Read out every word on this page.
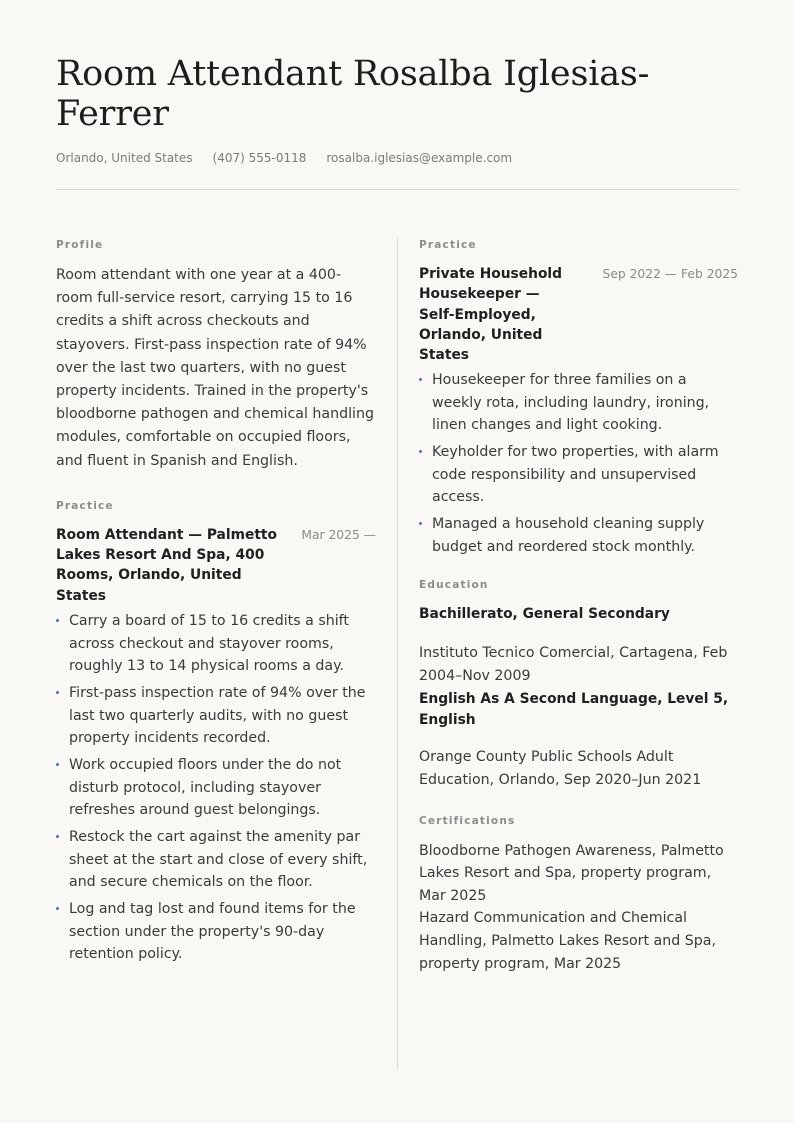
Room Attendant Rosalba Iglesias-Ferrer
Orlando, United States (407) 555-0118 rosalba.iglesias@example.com
Profile

Room attendant with one year at a 400-room full-service resort, carrying 15 to 16 credits a shift across checkouts and stayovers. First-pass inspection rate of 94% over the last two quarters, with no guest property incidents. Trained in the property's bloodborne pathogen and chemical handling modules, comfortable on occupied floors, and fluent in Spanish and English.

Practice
Room Attendant — Palmetto Lakes Resort And Spa, 400 Rooms, Orlando, United States
Mar 2025 —
Carry a board of 15 to 16 credits a shift across checkout and stayover rooms, roughly 13 to 14 physical rooms a day.
First-pass inspection rate of 94% over the last two quarterly audits, with no guest property incidents recorded.
Work occupied floors under the do not disturb protocol, including stayover refreshes around guest belongings.
Restock the cart against the amenity par sheet at the start and close of every shift, and secure chemicals on the floor.
Log and tag lost and found items for the section under the property's 90-day retention policy.
Practice
Private Household Housekeeper — Self-Employed, Orlando, United States
Sep 2022 — Feb 2025
Housekeeper for three families on a weekly rota, including laundry, ironing, linen changes and light cooking.
Keyholder for two properties, with alarm code responsibility and unsupervised access.
Managed a household cleaning supply budget and reordered stock monthly.
Education
Bachillerato, General Secondary
Instituto Tecnico Comercial, Cartagena, Feb 2004–Nov 2009
English As A Second Language, Level 5, English
Orange County Public Schools Adult Education, Orlando, Sep 2020–Jun 2021
Certifications
Bloodborne Pathogen Awareness, Palmetto Lakes Resort and Spa, property program, Mar 2025
Hazard Communication and Chemical Handling, Palmetto Lakes Resort and Spa, property program, Mar 2025
